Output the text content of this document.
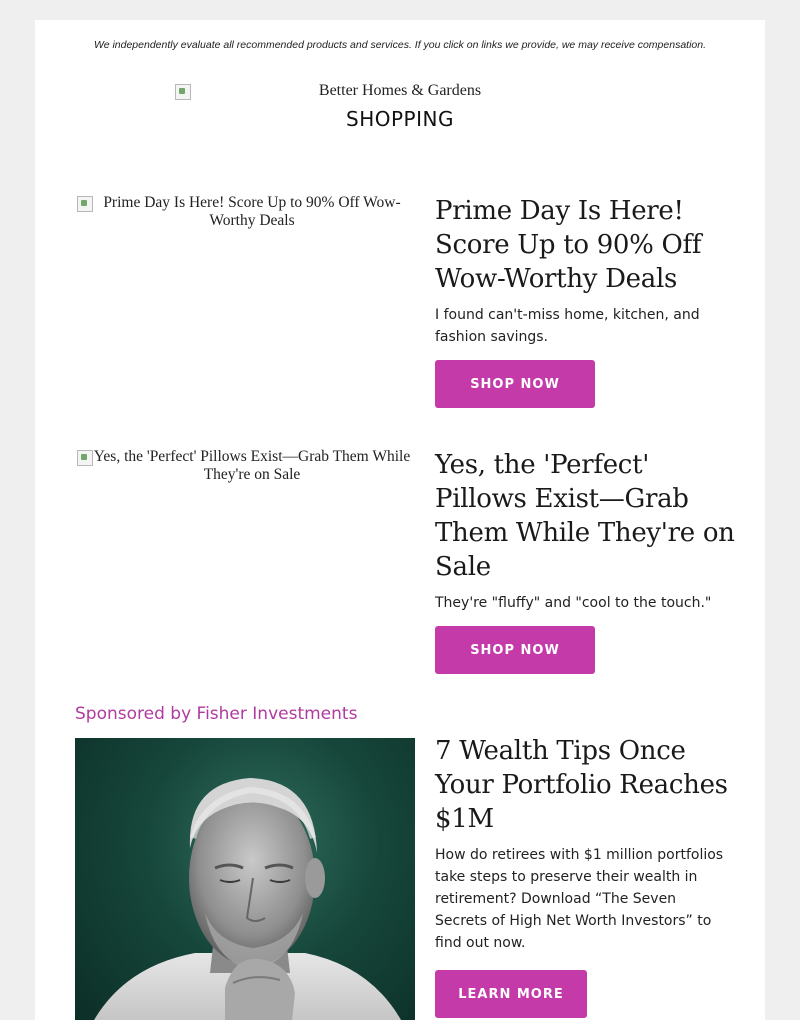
We independently evaluate all recommended products and services. If you click on links we provide, we may receive compensation.
Better Homes & Gardens
SHOPPING
Prime Day Is Here! Score Up to 90% Off Wow-Worthy Deals	Prime Day Is Here! Score Up to 90% Off Wow-Worthy Deals

I found can't-miss home, kitchen, and fashion savings.

SHOP NOW
Yes, the 'Perfect' Pillows Exist—Grab Them While They're on Sale	Yes, the 'Perfect' Pillows Exist—Grab Them While They're on Sale

They're "fluffy" and "cool to the touch."

SHOP NOW
Sponsored by Fisher Investments
7 Wealth Tips Once Your Portfolio Reaches $1M

How do retirees with $1 million portfolios take steps to preserve their wealth in retirement? Download “The Seven Secrets of High Net Worth Investors” to find out now.

LEARN MORE
